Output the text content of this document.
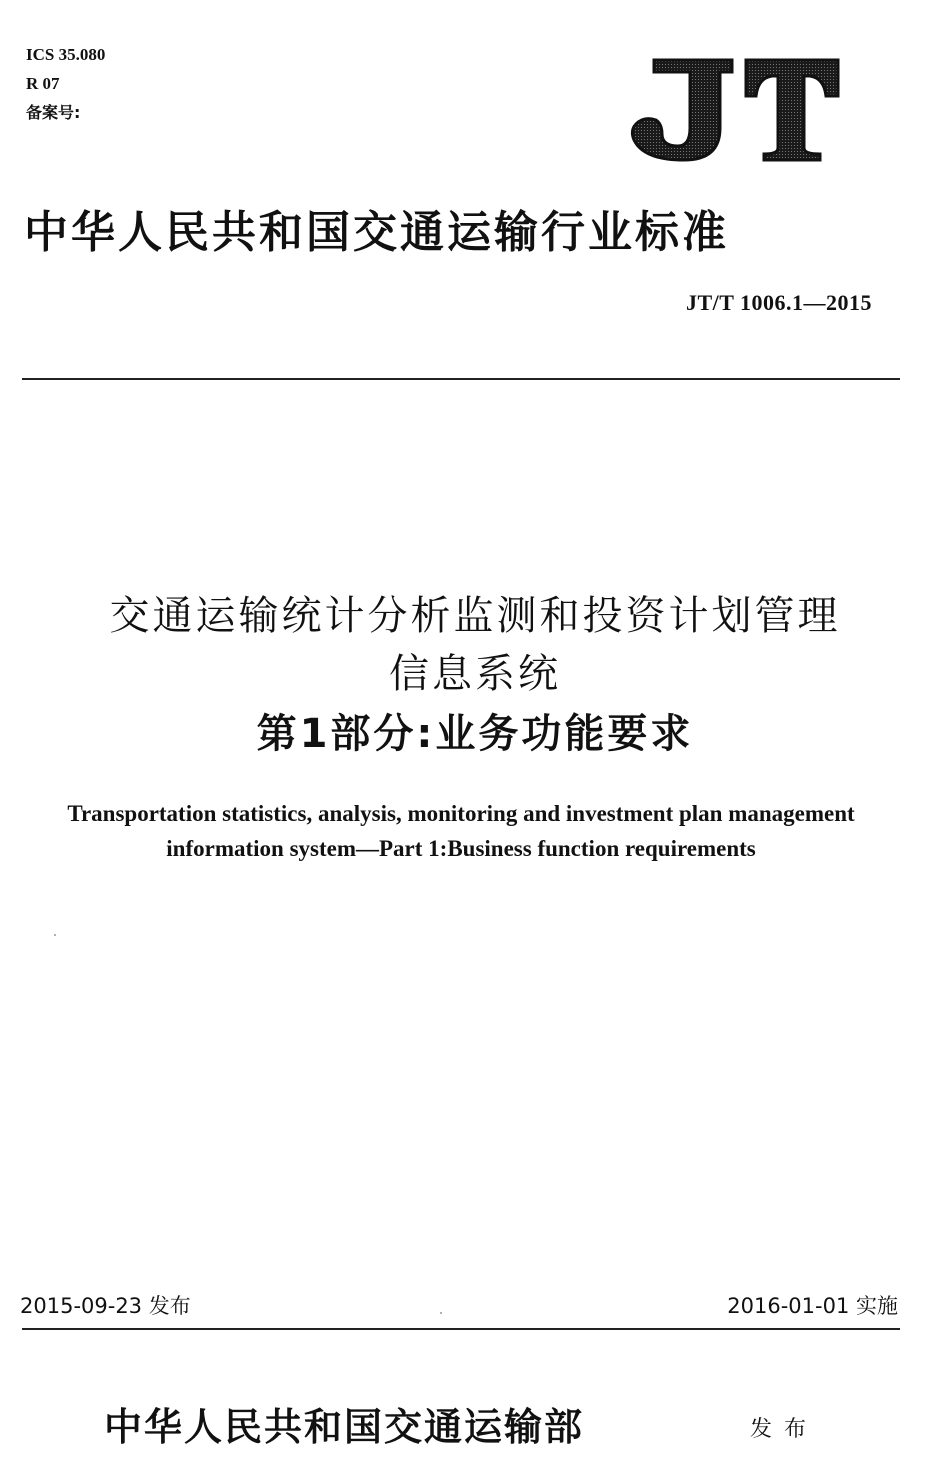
ICS 35.080
R 07
备案号:
中华人民共和国交通运输行业标准
JT/T 1006.1—2015
交通运输统计分析监测和投资计划管理
信息系统
第1部分:业务功能要求
Transportation statistics, analysis, monitoring and investment plan management
information system—Part 1:Business function requirements
2015-09-23 发布	2016-01-01 实施
中华人民共和国交通运输部	发布
